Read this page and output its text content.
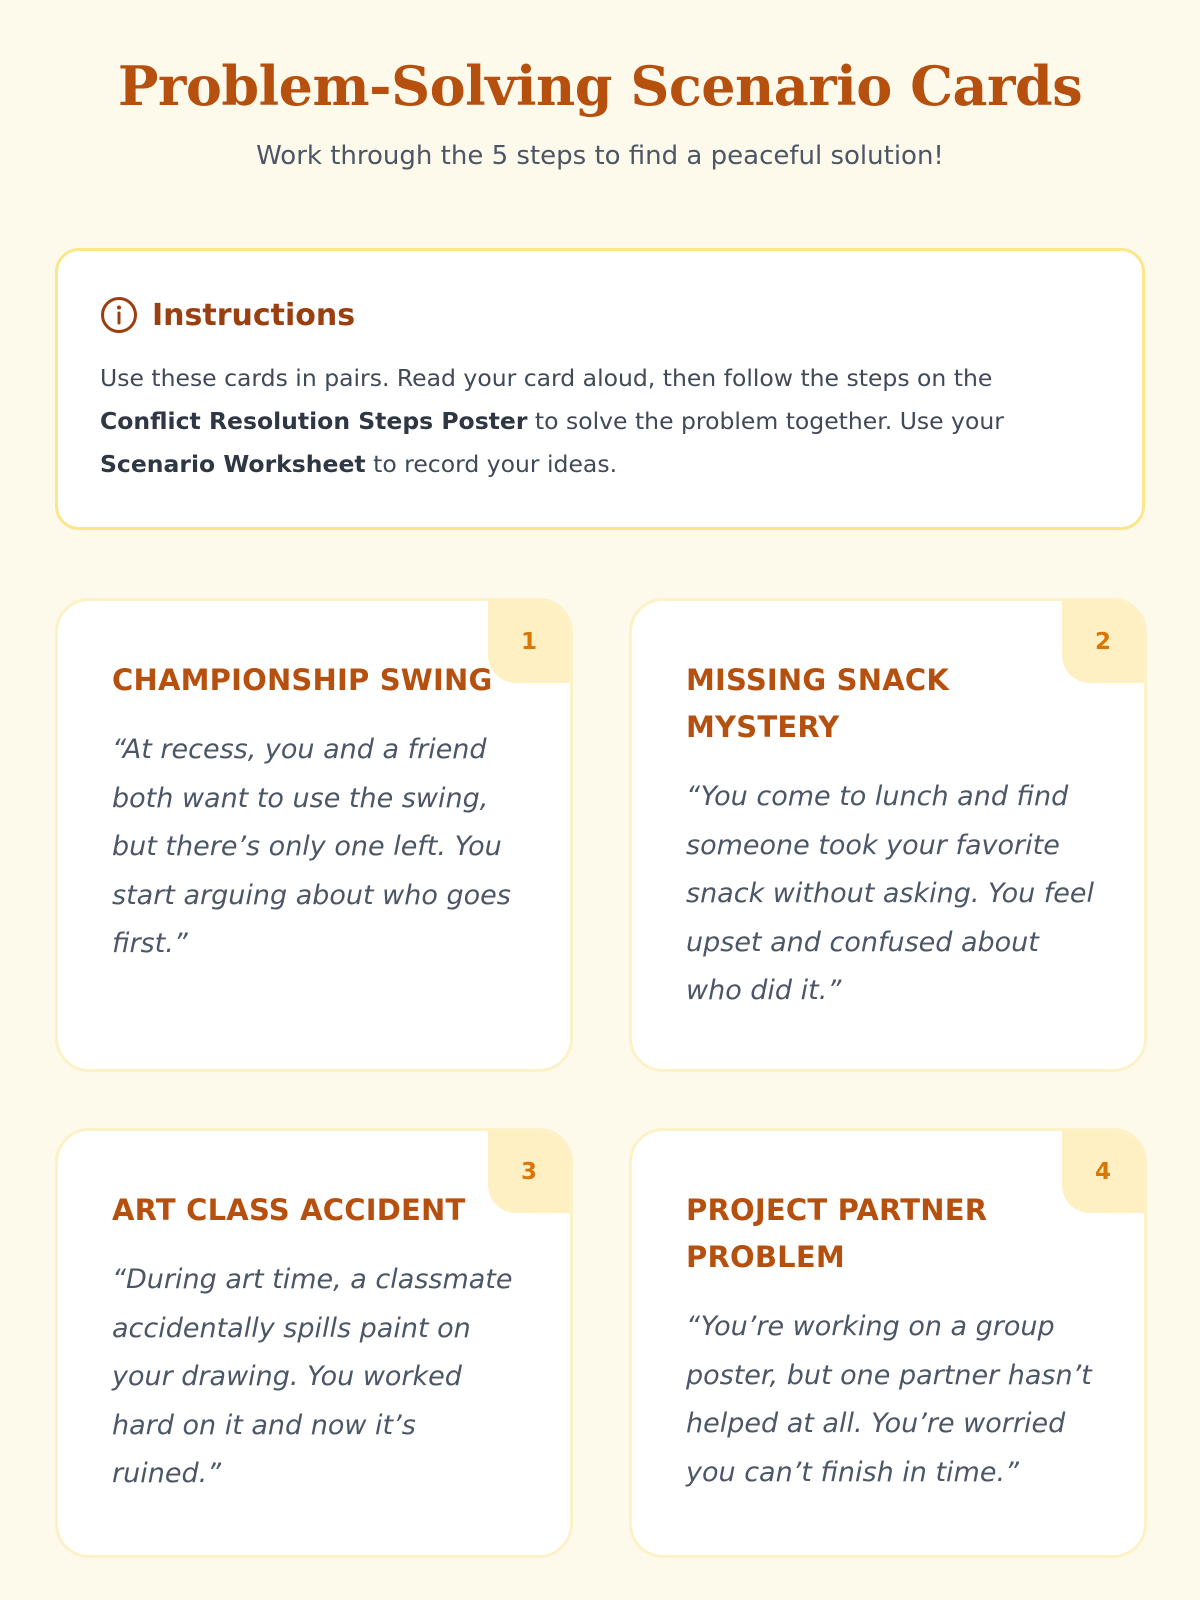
Problem-Solving Scenario Cards

Work through the 5 steps to find a peaceful solution!

Instructions

Use these cards in pairs. Read your card aloud, then follow the steps on the Conflict Resolution Steps Poster to solve the problem together. Use your Scenario Worksheet to record your ideas.

1
CHAMPIONSHIP SWING

“At recess, you and a friend both want to use the swing, but there’s only one left. You start arguing about who goes first.”

2
MISSING SNACK MYSTERY

“You come to lunch and find someone took your favorite snack without asking. You feel upset and confused about who did it.”

3
ART CLASS ACCIDENT

“During art time, a classmate accidentally spills paint on your drawing. You worked hard on it and now it’s ruined.”

4
PROJECT PARTNER PROBLEM

“You’re working on a group poster, but one partner hasn’t helped at all. You’re worried you can’t finish in time.”
